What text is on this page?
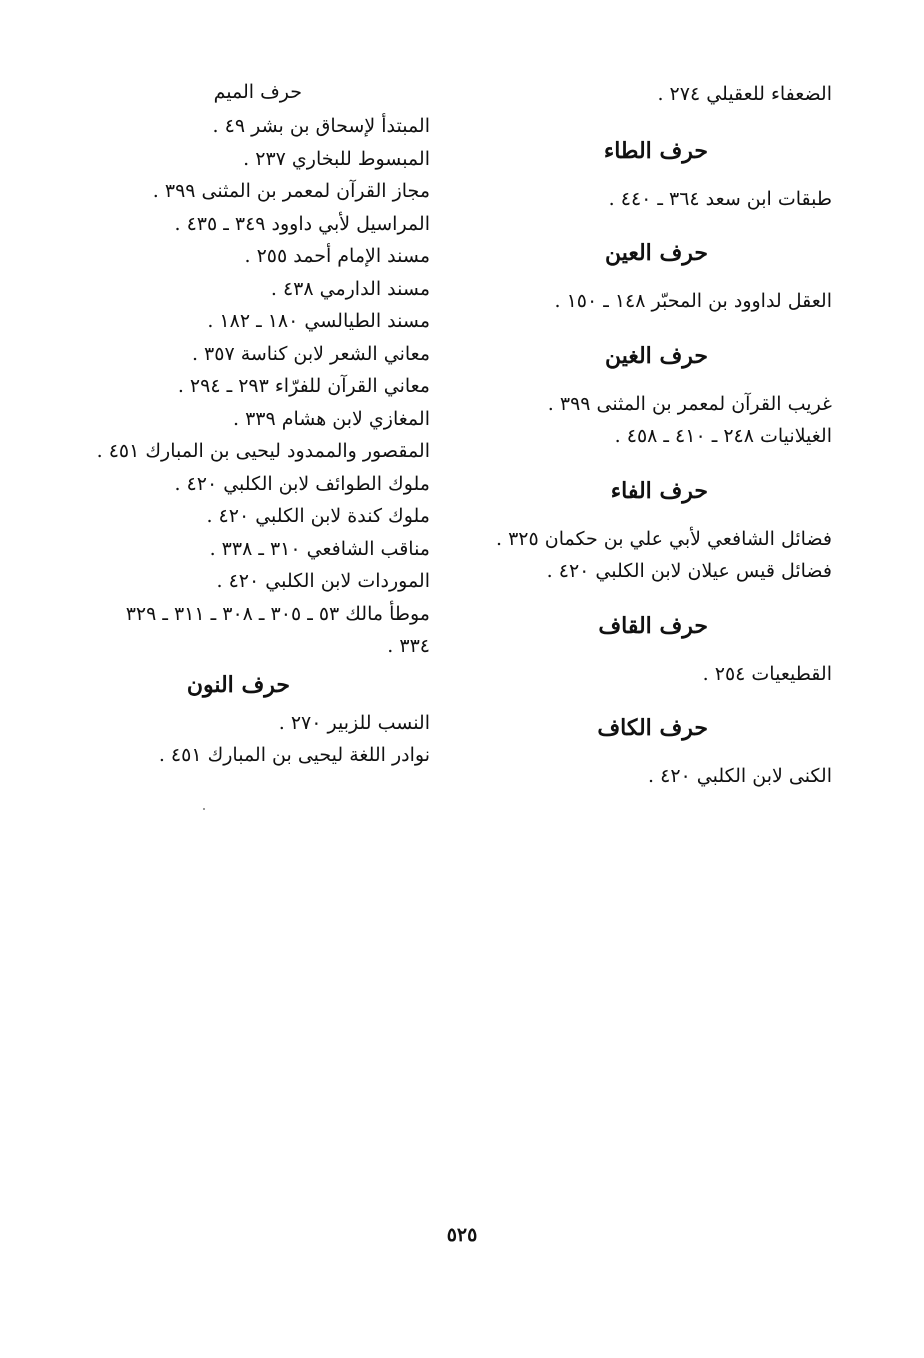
الضعفاء للعقيلي ٢٧٤ .
حرف الطاء
طبقات ابن سعد ٣٦٤ ـ ٤٤٠ .
حرف العين
العقل لداوود بن المحبّر ١٤٨ ـ ١٥٠ .
حرف الغين
غريب القرآن لمعمر بن المثنى ٣٩٩ .
الغيلانيات ٢٤٨ ـ ٤١٠ ـ ٤٥٨ .
حرف الفاء
فضائل الشافعي لأبي علي بن حكمان ٣٢٥ .
فضائل قيس عيلان لابن الكلبي ٤٢٠ .
حرف القاف
القطيعيات ٢٥٤ .
حرف الكاف
الكنى لابن الكلبي ٤٢٠ .
حرف الميم
المبتدأ لإسحاق بن بشر ٤٩ .
المبسوط للبخاري ٢٣٧ .
مجاز القرآن لمعمر بن المثنى ٣٩٩ .
المراسيل لأبي داوود ٣٤٩ ـ ٤٣٥ .
مسند الإمام أحمد ٢٥٥ .
مسند الدارمي ٤٣٨ .
مسند الطيالسي ١٨٠ ـ ١٨٢ .
معاني الشعر لابن كناسة ٣٥٧ .
معاني القرآن للفرّاء ٢٩٣ ـ ٢٩٤ .
المغازي لابن هشام ٣٣٩ .
المقصور والممدود ليحيى بن المبارك ٤٥١ .
ملوك الطوائف لابن الكلبي ٤٢٠ .
ملوك كندة لابن الكلبي ٤٢٠ .
مناقب الشافعي ٣١٠ ـ ٣٣٨ .
الموردات لابن الكلبي ٤٢٠ .
موطأ مالك ٥٣ ـ ٣٠٥ ـ ٣٠٨ ـ ٣١١ ـ ٣٢٩
٣٣٤ .
حرف النون
النسب للزبير ٢٧٠ .
نوادر اللغة ليحيى بن المبارك ٤٥١ .
٥٢٥
